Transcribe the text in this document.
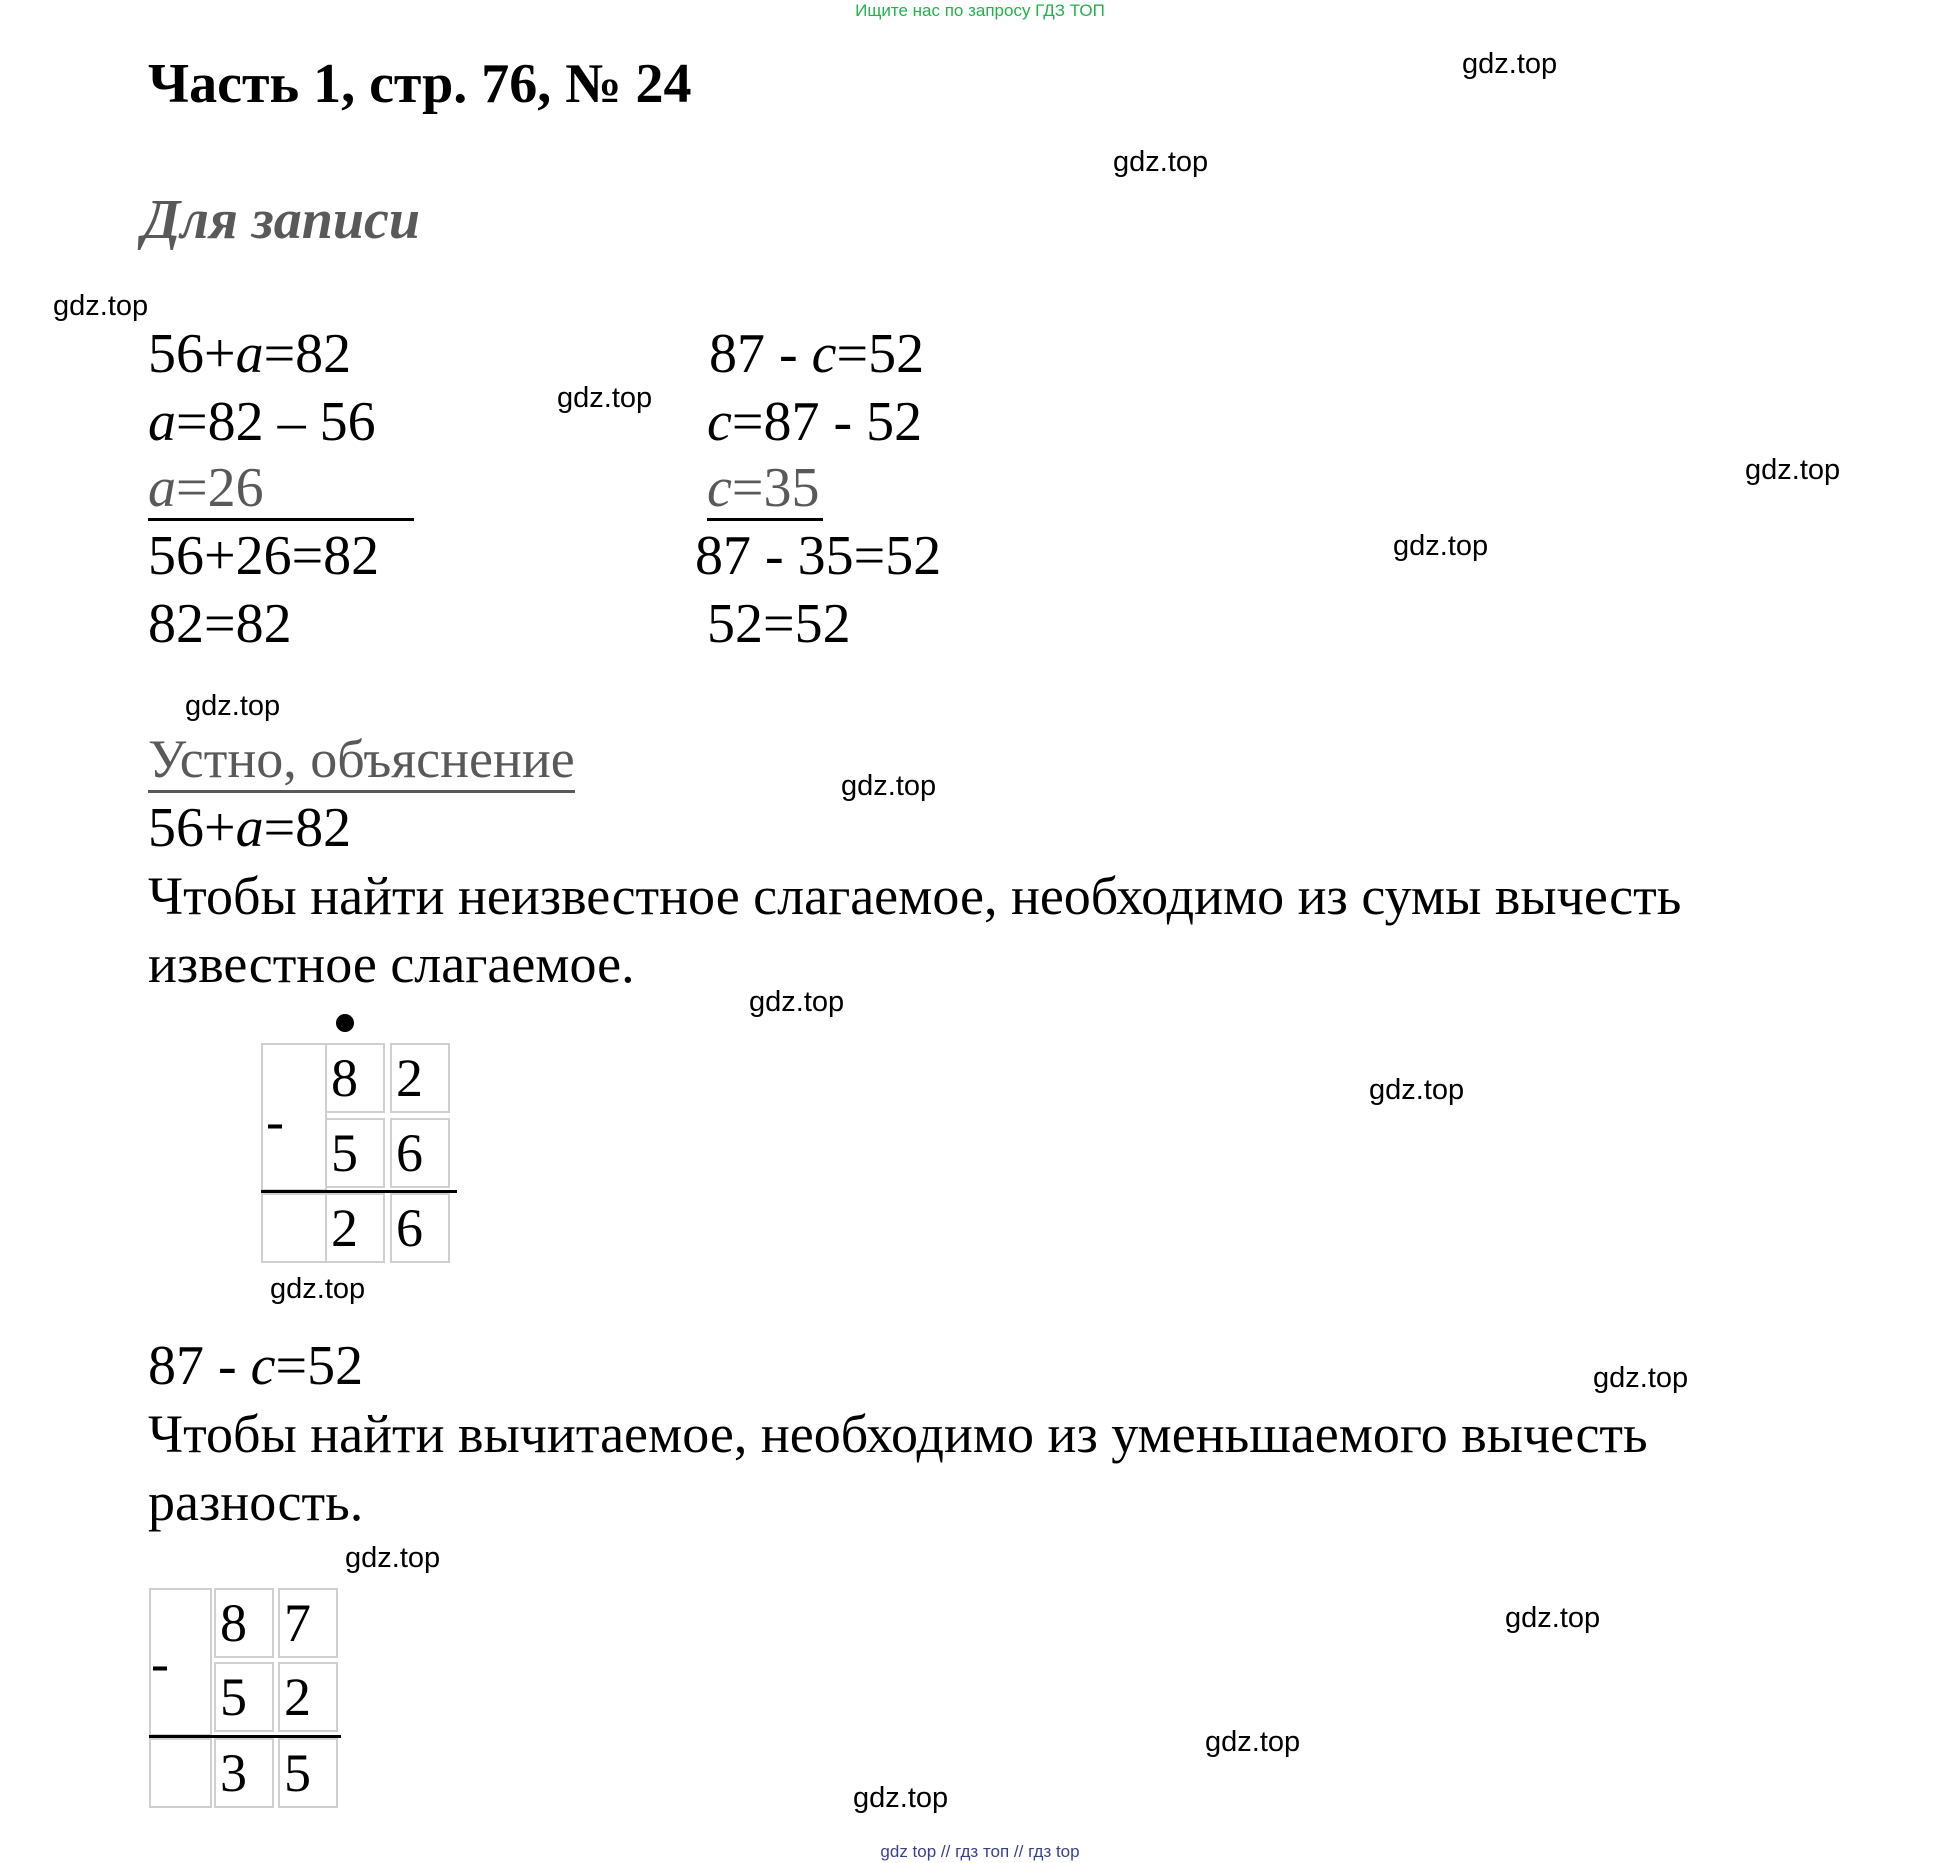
Ищите нас по запросу ГДЗ ТОП
Часть 1, стр. 76, № 24
Для записи
gdz.top
gdz.top
gdz.top
gdz.top
gdz.top
gdz.top
gdz.top
gdz.top
gdz.top
gdz.top
gdz.top
gdz.top
gdz.top
gdz.top
gdz.top
gdz.top
56+a=82
a=82 – 56
a=26
56+26=82
82=82
87 - c=52
c=87 - 52
c=35
87 - 35=52
52=52
Устно, объяснение
56+a=82
Чтобы найти неизвестное слагаемое, необходимо из сумы вычесть
известное слагаемое.
-
8 2
5 6
2 6
87 - c=52
Чтобы найти вычитаемое, необходимо из уменьшаемого вычесть
разность.
-
8 7
5 2
3 5
gdz top // гдз топ // гдз top
